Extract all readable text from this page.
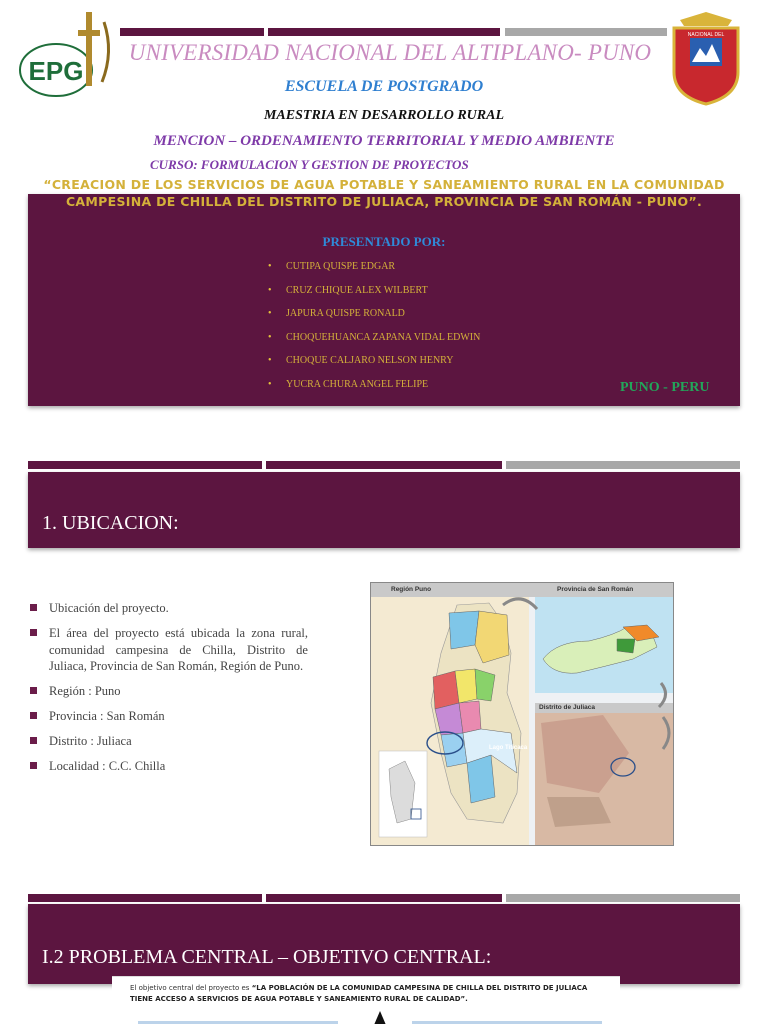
EPG
NACIONAL DEL
UNIVERSIDAD NACIONAL DEL ALTIPLANO- PUNO
ESCUELA DE POSTGRADO
MAESTRIA EN DESARROLLO RURAL
MENCION – ORDENAMIENTO TERRITORIAL Y MEDIO AMBIENTE
CURSO: FORMULACION Y GESTION DE PROYECTOS
“CREACION DE LOS SERVICIOS DE AGUA POTABLE Y SANEAMIENTO RURAL EN LA COMUNIDAD CAMPESINA DE CHILLA DEL DISTRITO DE JULIACA, PROVINCIA DE SAN ROMÁN - PUNO”.
PRESENTADO POR:
• CUTIPA QUISPE EDGAR
• CRUZ CHIQUE ALEX WILBERT
• JAPURA QUISPE RONALD
• CHOQUEHUANCA ZAPANA VIDAL EDWIN
• CHOQUE CALJARO NELSON HENRY
• YUCRA CHURA ANGEL FELIPE	PUNO - PERU
1. UBICACION:
Ubicación del proyecto.
El área del proyecto está ubicada la zona rural, comunidad campesina de Chilla, Distrito de Juliaca, Provincia de San Román, Región de Puno.
Región : Puno
Provincia : San Román
Distrito : Juliaca
Localidad : C.C. Chilla
Lago Titicaca
Región Puno	Provincia de San Román
Distrito de Juliaca
I.2 PROBLEMA CENTRAL – OBJETIVO CENTRAL:
El objetivo central del proyecto es “LA POBLACIÓN DE LA COMUNIDAD CAMPESINA DE CHILLA DEL DISTRITO DE JULIACA TIENE ACCESO A SERVICIOS DE AGUA POTABLE Y SANEAMIENTO RURAL DE CALIDAD”.
